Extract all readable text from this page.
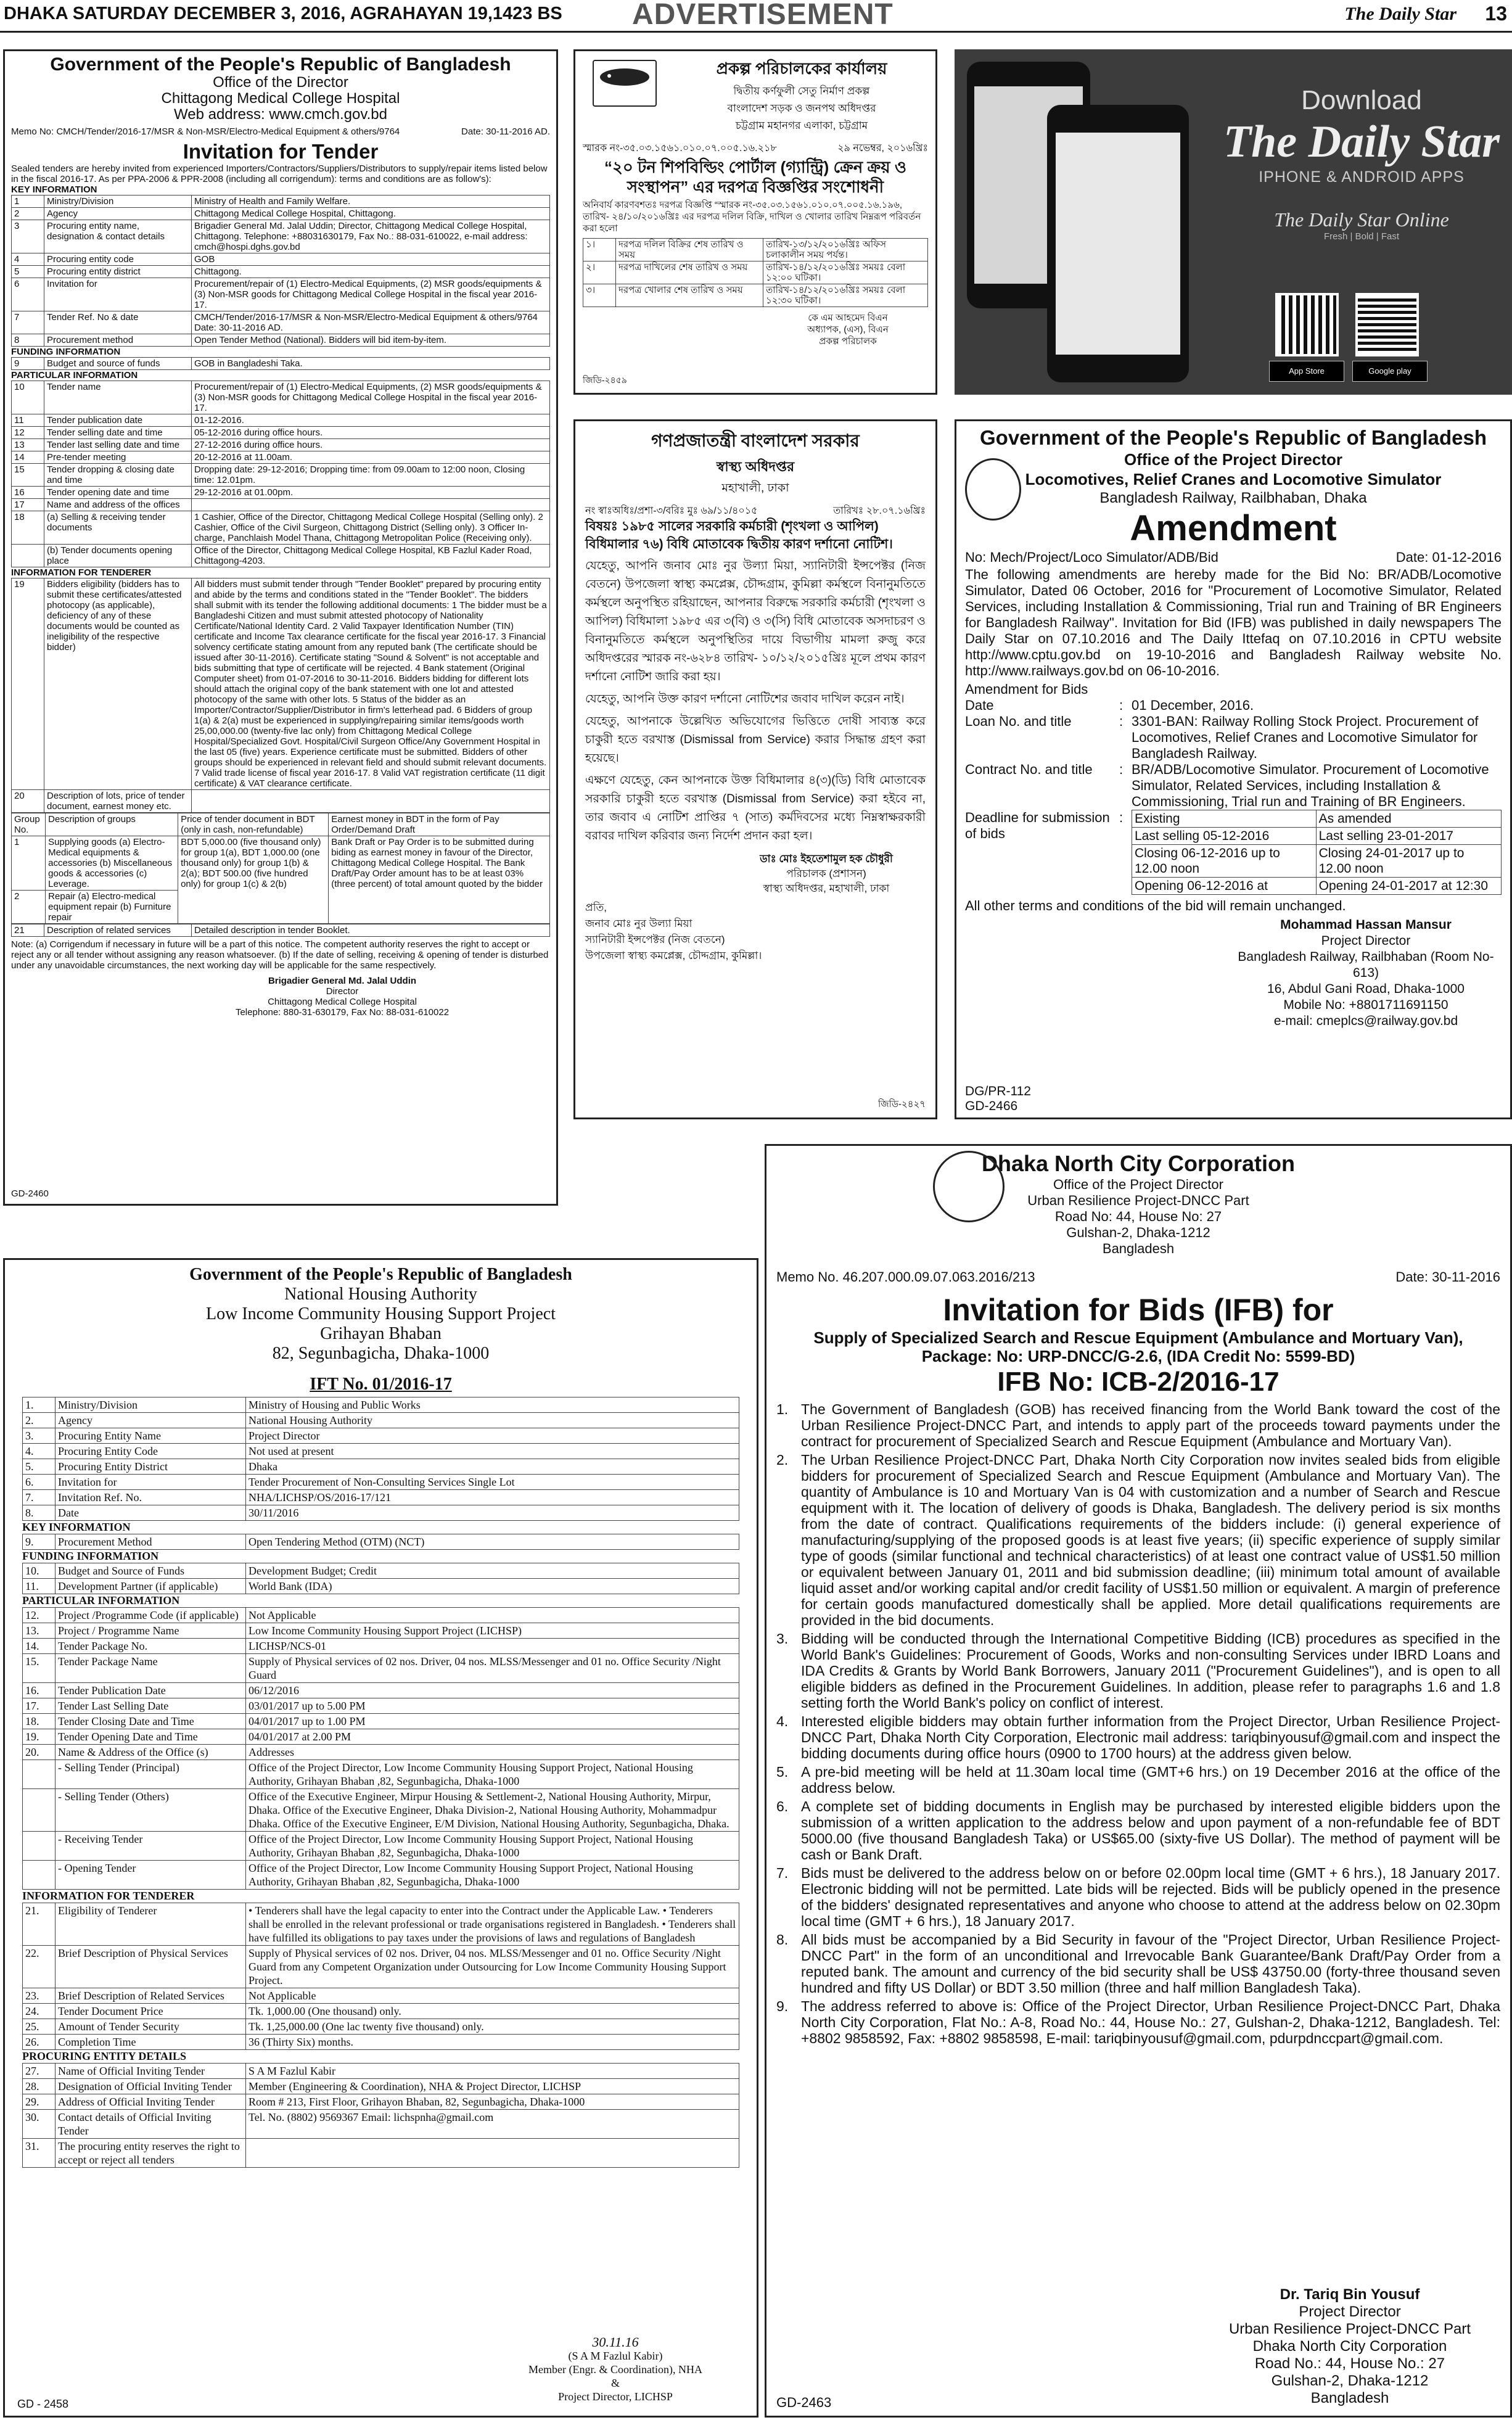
DHAKA SATURDAY DECEMBER 3, 2016, AGRAHAYAN 19,1423 BS ADVERTISEMENT	The Daily Star 13
Government of the People's Republic of Bangladesh
Office of the Director
Chittagong Medical College Hospital
Web address: www.cmch.gov.bd
Memo No: CMCH/Tender/2016-17/MSR & Non-MSR/Electro-Medical Equipment & others/9764	Date: 30-11-2016 AD.
Invitation for Tender
Sealed tenders are hereby invited from experienced Importers/Contractors/Suppliers/Distributors to supply/repair items listed below in the fiscal 2016-17. As per PPA-2006 & PPR-2008 (including all corrigendum): terms and conditions are as follow's):
KEY INFORMATION
1	Ministry/Division	Ministry of Health and Family Welfare.
2	Agency	Chittagong Medical College Hospital, Chittagong.
3	Procuring entity name, designation & contact details	Brigadier General Md. Jalal Uddin; Director, Chittagong Medical College Hospital, Chittagong. Telephone: +88031630179, Fax No.: 88-031-610022, e-mail address: cmch@hospi.dghs.gov.bd
4	Procuring entity code	GOB
5	Procuring entity district	Chittagong.
6	Invitation for	Procurement/repair of (1) Electro-Medical Equipments, (2) MSR goods/equipments & (3) Non-MSR goods for Chittagong Medical College Hospital in the fiscal year 2016-17.
7	Tender Ref. No & date	CMCH/Tender/2016-17/MSR & Non-MSR/Electro-Medical Equipment & others/9764 Date: 30-11-2016 AD.
8	Procurement method	Open Tender Method (National). Bidders will bid item-by-item.
FUNDING INFORMATION
9	Budget and source of funds	GOB in Bangladeshi Taka.
PARTICULAR INFORMATION
10	Tender name	Procurement/repair of (1) Electro-Medical Equipments, (2) MSR goods/equipments & (3) Non-MSR goods for Chittagong Medical College Hospital in the fiscal year 2016-17.
11	Tender publication date	01-12-2016.
12	Tender selling date and time	05-12-2016 during office hours.
13	Tender last selling date and time	27-12-2016 during office hours.
14	Pre-tender meeting	20-12-2016 at 11.00am.
15	Tender dropping & closing date and time	Dropping date: 29-12-2016; Dropping time: from 09.00am to 12:00 noon, Closing time: 12.01pm.
16	Tender opening date and time	29-12-2016 at 01.00pm.
17	Name and address of the offices	
18	(a) Selling & receiving tender documents	1 Cashier, Office of the Director, Chittagong Medical College Hospital (Selling only). 2 Cashier, Office of the Civil Surgeon, Chittagong District (Selling only). 3 Officer In-charge, Panchlaish Model Thana, Chittagong Metropolitan Police (Receiving only).
	(b) Tender documents opening place	Office of the Director, Chittagong Medical College Hospital, KB Fazlul Kader Road, Chittagong-4203.
INFORMATION FOR TENDERER
19	Bidders eligibility (bidders has to submit these certificates/attested photocopy (as applicable), deficiency of any of these documents would be counted as ineligibility of the respective bidder)	All bidders must submit tender through "Tender Booklet" prepared by procuring entity and abide by the terms and conditions stated in the "Tender Booklet". The bidders shall submit with its tender the following additional documents: 1 The bidder must be a Bangladeshi Citizen and must submit attested photocopy of Nationality Certificate/National Identity Card. 2 Valid Taxpayer Identification Number (TIN) certificate and Income Tax clearance certificate for the fiscal year 2016-17. 3 Financial solvency certificate stating amount from any reputed bank (The certificate should be issued after 30-11-2016). Certificate stating "Sound & Solvent" is not acceptable and bids submitting that type of certificate will be rejected. 4 Bank statement (Original Computer sheet) from 01-07-2016 to 30-11-2016. Bidders bidding for different lots should attach the original copy of the bank statement with one lot and attested photocopy of the same with other lots. 5 Status of the bidder as an Importer/Contractor/Supplier/Distributor in firm's letterhead pad. 6 Bidders of group 1(a) & 2(a) must be experienced in supplying/repairing similar items/goods worth 25,00,000.00 (twenty-five lac only) from Chittagong Medical College Hospital/Specialized Govt. Hospital/Civil Surgeon Office/Any Government Hospital in the last 05 (five) years. Experience certificate must be submitted. Bidders of other groups should be experienced in relevant field and should submit relevant documents. 7 Valid trade license of fiscal year 2016-17. 8 Valid VAT registration certificate (11 digit certificate) & VAT clearance certificate.
20	Description of lots, price of tender document, earnest money etc.	
Group No.	Description of groups	Price of tender document in BDT (only in cash, non-refundable)	Earnest money in BDT in the form of Pay Order/Demand Draft
1	Supplying goods (a) Electro-Medical equipments & accessories (b) Miscellaneous goods & accessories (c) Leverage.	BDT 5,000.00 (five thousand only) for group 1(a), BDT 1,000.00 (one thousand only) for group 1(b) & 2(a); BDT 500.00 (five hundred only) for group 1(c) & 2(b)	Bank Draft or Pay Order is to be submitted during biding as earnest money in favour of the Director, Chittagong Medical College Hospital. The Bank Draft/Pay Order amount has to be at least 03% (three percent) of total amount quoted by the bidder
2	Repair (a) Electro-medical equipment repair (b) Furniture repair		
21	Description of related services	Detailed description in tender Booklet.
Note: (a) Corrigendum if necessary in future will be a part of this notice. The competent authority reserves the right to accept or reject any or all tender without assigning any reason whatsoever. (b) If the date of selling, receiving & opening of tender is disturbed under any unavoidable circumstances, the next working day will be applicable for the same respectively.
Brigadier General Md. Jalal Uddin
Director
Chittagong Medical College Hospital
Telephone: 880-31-630179, Fax No: 88-031-610022
GD-2460
প্রকল্প পরিচালকের কার্যালয়
দ্বিতীয় কর্ণফুলী সেতু নির্মাণ প্রকল্প
বাংলাদেশ সড়ক ও জনপথ অধিদপ্তর
চট্টগ্রাম মহানগর এলাকা, চট্টগ্রাম
স্মারক নং-৩৫.০৩.১৫৬১.০১০.০৭.০০৫.১৬.২১৮	২৯ নভেম্বর, ২০১৬খ্রিঃ
“২০ টন শিপবিল্ডিং পোর্টাল (গ্যান্ট্রি) ক্রেন ক্রয় ও সংস্থাপন” এর দরপত্র বিজ্ঞপ্তির সংশোধনী
অনিবার্য কারণবশতঃ দরপত্র বিজ্ঞপ্তি “স্মারক নং-৩৫.০৩.১৫৬১.০১০.০৭.০০৫.১৬.১৯৬, তারিখ- ২৪/১০/২০১৬খ্রিঃ এর দরপত্র দলিল বিক্রি, দাখিল ও খোলার তারিখ নিম্নরূপ পরিবর্তন করা হলো
১।	দরপত্র দলিল বিক্রির শেষ তারিখ ও সময়	তারিখ-১৩/১২/২০১৬খ্রিঃ অফিস চলাকালীন সময় পর্যন্ত।
২।	দরপত্র দাখিলের শেষ তারিখ ও সময়	তারিখ-১৪/১২/২০১৬খ্রিঃ সময়ঃ বেলা ১২:০০ ঘটিকা।
৩।	দরপত্র খোলার শেষ তারিখ ও সময়	তারিখ-১৪/১২/২০১৬খ্রিঃ সময়ঃ বেলা ১২:৩০ ঘটিকা।
কে এম আহমেদ বিএন
অধ্যাপক, (এস), বিএন
প্রকল্প পরিচালক
জিডি-২৪৫৯
Download
The Daily Star
IPHONE & ANDROID APPS
The Daily Star Online
Fresh | Bold | Fast
App Store	Google play
গণপ্রজাতন্ত্রী বাংলাদেশ সরকার
স্বাস্থ্য অধিদপ্তর
মহাখালী, ঢাকা
নং স্বাঃঅধিঃ/প্রশা-৩/বরিঃ মুঃ ৬৯/১১/৪০১৫	তারিখঃ ২৮.০৭.১৬খ্রিঃ
বিষয়ঃ ১৯৮৫ সালের সরকারি কর্মচারী (শৃংখলা ও আপিল) বিধিমালার ৭৬) বিধি মোতাবেক দ্বিতীয় কারণ দর্শানো নোটিশ।
যেহেতু, আপনি জনাব মোঃ নুর উল্যা মিয়া, স্যানিটারী ইন্সপেক্টর (নিজ বেতনে) উপজেলা স্বাস্থ্য কমপ্লেক্স, চৌদ্দগ্রাম, কুমিল্লা কর্মস্থলে বিনানুমতিতে কর্মস্থলে অনুপস্থিত রহিয়াছেন, আপনার বিরুদ্ধে সরকারি কর্মচারী (শৃংখলা ও আপিল) বিধিমালা ১৯৮৫ এর ৩(বি) ও ৩(সি) বিধি মোতাবেক অসদাচরণ ও বিনানুমতিতে কর্মস্থলে অনুপস্থিতির দায়ে বিভাগীয় মামলা রুজু করে অধিদপ্তরের স্মারক নং-৬২৮৪ তারিখ- ১০/১২/২০১৫খ্রিঃ মূলে প্রথম কারণ দর্শানো নোটিশ জারি করা হয়।
যেহেতু, আপনি উক্ত কারণ দর্শানো নোটিশের জবাব দাখিল করেন নাই।
যেহেতু, আপনাকে উল্লেখিত অভিযোগের ভিত্তিতে দোষী সাব্যস্ত করে চাকুরী হতে বরখাস্ত (Dismissal from Service) করার সিদ্ধান্ত গ্রহণ করা হয়েছে।
এক্ষণে যেহেতু, কেন আপনাকে উক্ত বিধিমালার ৪(৩)(ডি) বিধি মোতাবেক সরকারি চাকুরী হতে বরখাস্ত (Dismissal from Service) করা হইবে না, তার জবাব এ নোটিশ প্রাপ্তির ৭ (সাত) কর্মদিবসের মধ্যে নিম্নস্বাক্ষরকারী বরাবর দাখিল করিবার জন্য নির্দেশ প্রদান করা হল।
ডাঃ মোঃ ইহতেশামুল হক চৌধুরী
পরিচালক (প্রশাসন)
স্বাস্থ্য অধিদপ্তর, মহাখালী, ঢাকা
প্রতি,
জনাব মোঃ নুর উল্যা মিয়া
স্যানিটারী ইন্সপেক্টর (নিজ বেতনে)
উপজেলা স্বাস্থ্য কমপ্লেক্স, চৌদ্দগ্রাম, কুমিল্লা।
জিডি-২৪২৭
Government of the People's Republic of Bangladesh
Office of the Project Director
Locomotives, Relief Cranes and Locomotive Simulator
Bangladesh Railway, Railbhaban, Dhaka
Amendment
No: Mech/Project/Loco Simulator/ADB/Bid	Date: 01-12-2016
The following amendments are hereby made for the Bid No: BR/ADB/Locomotive Simulator, Dated 06 October, 2016 for "Procurement of Locomotive Simulator, Related Services, including Installation & Commissioning, Trial run and Training of BR Engineers for Bangladesh Railway". Invitation for Bid (IFB) was published in daily newspapers The Daily Star on 07.10.2016 and The Daily Ittefaq on 07.10.2016 in CPTU website http://www.cptu.gov.bd on 19-10-2016 and Bangladesh Railway website No. http://www.railways.gov.bd on 06-10-2016.
Amendment for Bids
Date	: 01 December, 2016.
Loan No. and title	: 3301-BAN: Railway Rolling Stock Project. Procurement of Locomotives, Relief Cranes and Locomotive Simulator for Bangladesh Railway.
Contract No. and title	: BR/ADB/Locomotive Simulator. Procurement of Locomotive Simulator, Related Services, including Installation & Commissioning, Trial run and Training of BR Engineers.
Deadline for submission of bids
: Existing	As amended
Last selling 05-12-2016	Last selling 23-01-2017
Closing 06-12-2016 up to 12.00 noon	Closing 24-01-2017 up to 12.00 noon
Opening 06-12-2016 at	Opening 24-01-2017 at 12:30
All other terms and conditions of the bid will remain unchanged.
Mohammad Hassan Mansur
Project Director
Bangladesh Railway, Railbhaban (Room No-613)
16, Abdul Gani Road, Dhaka-1000
Mobile No: +8801711691150
e-mail: cmeplcs@railway.gov.bd
DG/PR-112
GD-2466
Government of the People's Republic of Bangladesh
National Housing Authority
Low Income Community Housing Support Project
Grihayan Bhaban
82, Segunbagicha, Dhaka-1000
IFT No. 01/2016-17
1.	Ministry/Division	Ministry of Housing and Public Works
2.	Agency	National Housing Authority
3.	Procuring Entity Name	Project Director
4.	Procuring Entity Code	Not used at present
5.	Procuring Entity District	Dhaka
6.	Invitation for	Tender Procurement of Non-Consulting Services Single Lot
7.	Invitation Ref. No.	NHA/LICHSP/OS/2016-17/121
8.	Date	30/11/2016
KEY INFORMATION
9.	Procurement Method	Open Tendering Method (OTM) (NCT)
FUNDING INFORMATION
10.	Budget and Source of Funds	Development Budget; Credit
11.	Development Partner (if applicable)	World Bank (IDA)
PARTICULAR INFORMATION
12.	Project /Programme Code (if applicable)	Not Applicable
13.	Project / Programme Name	Low Income Community Housing Support Project (LICHSP)
14.	Tender Package No.	LICHSP/NCS-01
15.	Tender Package Name	Supply of Physical services of 02 nos. Driver, 04 nos. MLSS/Messenger and 01 no. Office Security /Night Guard
16.	Tender Publication Date	06/12/2016
17.	Tender Last Selling Date	03/01/2017 up to 5.00 PM
18.	Tender Closing Date and Time	04/01/2017 up to 1.00 PM
19.	Tender Opening Date and Time	04/01/2017 at 2.00 PM
20.	Name & Address of the Office (s)	Addresses
	- Selling Tender (Principal)	Office of the Project Director, Low Income Community Housing Support Project, National Housing Authority, Grihayan Bhaban ,82, Segunbagicha, Dhaka-1000
	- Selling Tender (Others)	Office of the Executive Engineer, Mirpur Housing & Settlement-2, National Housing Authority, Mirpur, Dhaka. Office of the Executive Engineer, Dhaka Division-2, National Housing Authority, Mohammadpur Dhaka. Office of the Executive Engineer, E/M Division, National Housing Authority, Segunbagicha, Dhaka.
	- Receiving Tender	Office of the Project Director, Low Income Community Housing Support Project, National Housing Authority, Grihayan Bhaban ,82, Segunbagicha, Dhaka-1000
	- Opening Tender	Office of the Project Director, Low Income Community Housing Support Project, National Housing Authority, Grihayan Bhaban ,82, Segunbagicha, Dhaka-1000
INFORMATION FOR TENDERER
21.	Eligibility of Tenderer	• Tenderers shall have the legal capacity to enter into the Contract under the Applicable Law. • Tenderers shall be enrolled in the relevant professional or trade organisations registered in Bangladesh. • Tenderers shall have fulfilled its obligations to pay taxes under the provisions of laws and regulations of Bangladesh
22.	Brief Description of Physical Services	Supply of Physical services of 02 nos. Driver, 04 nos. MLSS/Messenger and 01 no. Office Security /Night Guard from any Competent Organization under Outsourcing for Low Income Community Housing Support Project.
23.	Brief Description of Related Services	Not Applicable
24.	Tender Document Price	Tk. 1,000.00 (One thousand) only.
25.	Amount of Tender Security	Tk. 1,25,000.00 (One lac twenty five thousand) only.
26.	Completion Time	36 (Thirty Six) months.
PROCURING ENTITY DETAILS
27.	Name of Official Inviting Tender	S A M Fazlul Kabir
28.	Designation of Official Inviting Tender	Member (Engineering & Coordination), NHA & Project Director, LICHSP
29.	Address of Official Inviting Tender	Room # 213, First Floor, Grihayon Bhaban, 82, Segunbagicha, Dhaka-1000
30.	Contact details of Official Inviting Tender	Tel. No. (8802) 9569367 Email: lichspnha@gmail.com
31.	The procuring entity reserves the right to accept or reject all tenders	
30.11.16
(S A M Fazlul Kabir)
Member (Engr. & Coordination), NHA
&
Project Director, LICHSP
GD - 2458
Dhaka North City Corporation
Office of the Project Director
Urban Resilience Project-DNCC Part
Road No: 44, House No: 27
Gulshan-2, Dhaka-1212
Bangladesh
Memo No. 46.207.000.09.07.063.2016/213	Date: 30-11-2016
Invitation for Bids (IFB) for
Supply of Specialized Search and Rescue Equipment (Ambulance and Mortuary Van), Package: No: URP-DNCC/G-2.6, (IDA Credit No: 5599-BD)
IFB No: ICB-2/2016-17
1. The Government of Bangladesh (GOB) has received financing from the World Bank toward the cost of the Urban Resilience Project-DNCC Part, and intends to apply part of the proceeds toward payments under the contract for procurement of Specialized Search and Rescue Equipment (Ambulance and Mortuary Van).
2. The Urban Resilience Project-DNCC Part, Dhaka North City Corporation now invites sealed bids from eligible bidders for procurement of Specialized Search and Rescue Equipment (Ambulance and Mortuary Van). The quantity of Ambulance is 10 and Mortuary Van is 04 with customization and a number of Search and Rescue equipment with it. The location of delivery of goods is Dhaka, Bangladesh. The delivery period is six months from the date of contract. Qualifications requirements of the bidders include: (i) general experience of manufacturing/supplying of the proposed goods is at least five years; (ii) specific experience of supply similar type of goods (similar functional and technical characteristics) of at least one contract value of US$1.50 million or equivalent between January 01, 2011 and bid submission deadline; (iii) minimum total amount of available liquid asset and/or working capital and/or credit facility of US$1.50 million or equivalent. A margin of preference for certain goods manufactured domestically shall be applied. More detail qualifications requirements are provided in the bid documents.
3. Bidding will be conducted through the International Competitive Bidding (ICB) procedures as specified in the World Bank's Guidelines: Procurement of Goods, Works and non-consulting Services under IBRD Loans and IDA Credits & Grants by World Bank Borrowers, January 2011 ("Procurement Guidelines"), and is open to all eligible bidders as defined in the Procurement Guidelines. In addition, please refer to paragraphs 1.6 and 1.8 setting forth the World Bank's policy on conflict of interest.
4. Interested eligible bidders may obtain further information from the Project Director, Urban Resilience Project-DNCC Part, Dhaka North City Corporation, Electronic mail address: tariqbinyousuf@gmail.com and inspect the bidding documents during office hours (0900 to 1700 hours) at the address given below.
5. A pre-bid meeting will be held at 11.30am local time (GMT+6 hrs.) on 19 December 2016 at the office of the address below.
6. A complete set of bidding documents in English may be purchased by interested eligible bidders upon the submission of a written application to the address below and upon payment of a non-refundable fee of BDT 5000.00 (five thousand Bangladesh Taka) or US$65.00 (sixty-five US Dollar). The method of payment will be cash or Bank Draft.
7. Bids must be delivered to the address below on or before 02.00pm local time (GMT + 6 hrs.), 18 January 2017. Electronic bidding will not be permitted. Late bids will be rejected. Bids will be publicly opened in the presence of the bidders' designated representatives and anyone who choose to attend at the address below on 02.30pm local time (GMT + 6 hrs.), 18 January 2017.
8. All bids must be accompanied by a Bid Security in favour of the "Project Director, Urban Resilience Project-DNCC Part" in the form of an unconditional and Irrevocable Bank Guarantee/Bank Draft/Pay Order from a reputed bank. The amount and currency of the bid security shall be US$ 43750.00 (forty-three thousand seven hundred and fifty US Dollar) or BDT 3.50 million (three and half million Bangladesh Taka).
9. The address referred to above is: Office of the Project Director, Urban Resilience Project-DNCC Part, Dhaka North City Corporation, Flat No.: A-8, Road No.: 44, House No.: 27, Gulshan-2, Dhaka-1212, Bangladesh. Tel: +8802 9858592, Fax: +8802 9858598, E-mail: tariqbinyousuf@gmail.com, pdurpdnccpart@gmail.com.
Dr. Tariq Bin Yousuf
Project Director
Urban Resilience Project-DNCC Part
Dhaka North City Corporation
Road No.: 44, House No.: 27
Gulshan-2, Dhaka-1212
Bangladesh
GD-2463
